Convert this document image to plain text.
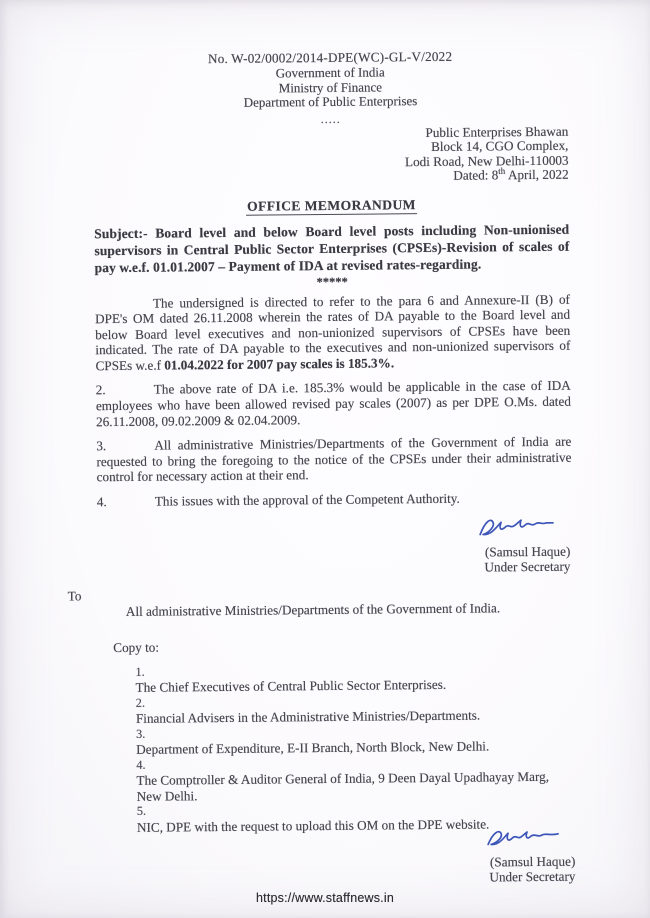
No. W-02/0002/2014-DPE(WC)-GL-V/2022
Government of India
Ministry of Finance
Department of Public Enterprises
.....
Public Enterprises Bhawan
Block 14, CGO Complex,
Lodi Road, New Delhi-110003
Dated: 8th April, 2022
OFFICE MEMORANDUM
Subject:- Board level and below Board level posts including Non-unionised supervisors in Central Public Sector Enterprises (CPSEs)-Revision of scales of pay w.e.f. 01.01.2007 – Payment of IDA at revised rates-regarding.
*****

The undersigned is directed to refer to the para 6 and Annexure-II (B) of DPE's OM dated 26.11.2008 wherein the rates of DA payable to the Board level and below Board level executives and non-unionized supervisors of CPSEs have been indicated. The rate of DA payable to the executives and non-unionized supervisors of CPSEs w.e.f 01.04.2022 for 2007 pay scales is 185.3%.

2.	The above rate of DA i.e. 185.3% would be applicable in the case of IDA employees who have been allowed revised pay scales (2007) as per DPE O.Ms. dated 26.11.2008, 09.02.2009 & 02.04.2009.

3.	All administrative Ministries/Departments of the Government of India are requested to bring the foregoing to the notice of the CPSEs under their administrative control for necessary action at their end.

4.	This issues with the approval of the Competent Authority.

(Samsul Haque)
Under Secretary
To
All administrative Ministries/Departments of the Government of India.
Copy to:
1.The Chief Executives of Central Public Sector Enterprises.
2.Financial Advisers in the Administrative Ministries/Departments.
3.Department of Expenditure, E-II Branch, North Block, New Delhi.
4.The Comptroller & Auditor General of India, 9 Deen Dayal Upadhayay Marg, New Delhi.
5.NIC, DPE with the request to upload this OM on the DPE website.
(Samsul Haque)
Under Secretary
https://www.staffnews.in
